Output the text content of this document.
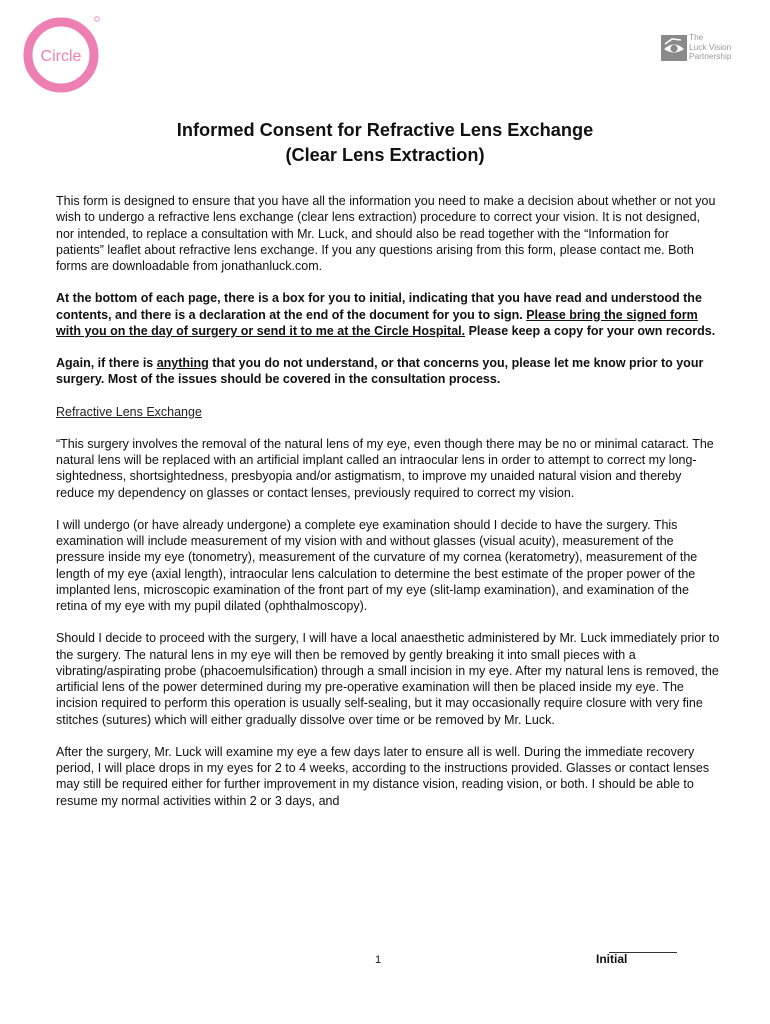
Circle
The
Luck Vision
Partnership
Informed Consent for Refractive Lens Exchange
(Clear Lens Extraction)

This form is designed to ensure that you have all the information you need to make a decision about whether or not you wish to undergo a refractive lens exchange (clear lens extraction) procedure to correct your vision. It is not designed, nor intended, to replace a consultation with Mr. Luck, and should also be read together with the “Information for patients” leaflet about refractive lens exchange. If you any questions arising from this form, please contact me. Both forms are downloadable from jonathanluck.com.

At the bottom of each page, there is a box for you to initial, indicating that you have read and understood the contents, and there is a declaration at the end of the document for you to sign. Please bring the signed form with you on the day of surgery or send it to me at the Circle Hospital. Please keep a copy for your own records.

Again, if there is anything that you do not understand, or that concerns you, please let me know prior to your surgery. Most of the issues should be covered in the consultation process.

Refractive Lens Exchange

“This surgery involves the removal of the natural lens of my eye, even though there may be no or minimal cataract. The natural lens will be replaced with an artificial implant called an intraocular lens in order to attempt to correct my long-sightedness, shortsightedness, presbyopia and/or astigmatism, to improve my unaided natural vision and thereby reduce my dependency on glasses or contact lenses, previously required to correct my vision.

I will undergo (or have already undergone) a complete eye examination should I decide to have the surgery. This examination will include measurement of my vision with and without glasses (visual acuity), measurement of the pressure inside my eye (tonometry), measurement of the curvature of my cornea (keratometry), measurement of the length of my eye (axial length), intraocular lens calculation to determine the best estimate of the proper power of the implanted lens, microscopic examination of the front part of my eye (slit-lamp examination), and examination of the retina of my eye with my pupil dilated (ophthalmoscopy).

Should I decide to proceed with the surgery, I will have a local anaesthetic administered by Mr. Luck immediately prior to the surgery. The natural lens in my eye will then be removed by gently breaking it into small pieces with a vibrating/aspirating probe (phacoemulsification) through a small incision in my eye. After my natural lens is removed, the artificial lens of the power determined during my pre-operative examination will then be placed inside my eye. The incision required to perform this operation is usually self-sealing, but it may occasionally require closure with very fine stitches (sutures) which will either gradually dissolve over time or be removed by Mr. Luck.

After the surgery, Mr. Luck will examine my eye a few days later to ensure all is well. During the immediate recovery period, I will place drops in my eyes for 2 to 4 weeks, according to the instructions provided. Glasses or contact lenses may still be required either for further improvement in my distance vision, reading vision, or both. I should be able to resume my normal activities within 2 or 3 days, and

1	Initial
